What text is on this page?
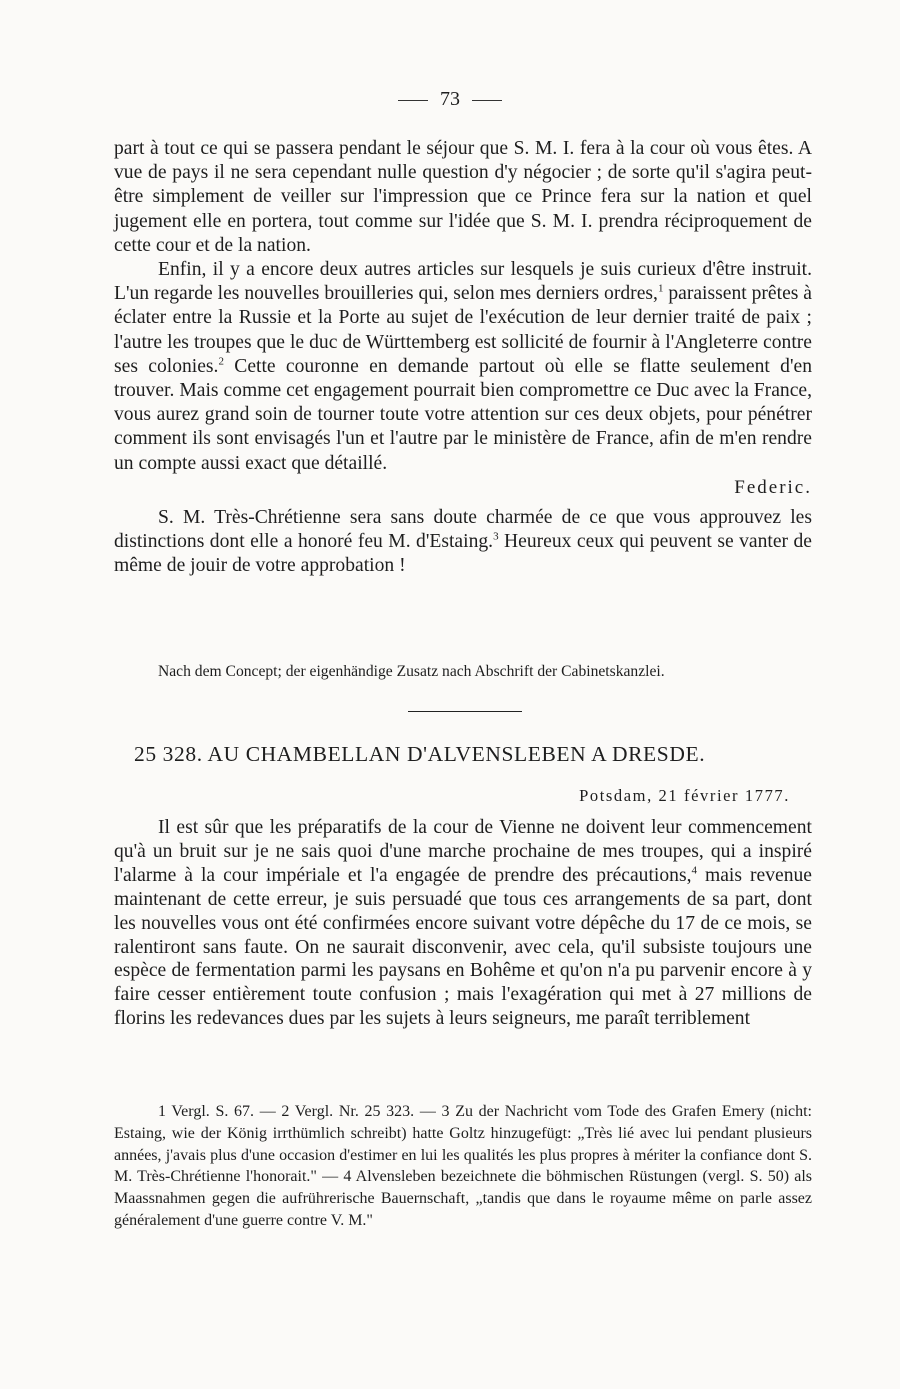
73

part à tout ce qui se passera pendant le séjour que S. M. I. fera à la cour où vous êtes. A vue de pays il ne sera cependant nulle question d'y négocier ; de sorte qu'il s'agira peut-être simplement de veiller sur l'impression que ce Prince fera sur la nation et quel jugement elle en portera, tout comme sur l'idée que S. M. I. prendra réciproquement de cette cour et de la nation.

Enfin, il y a encore deux autres articles sur lesquels je suis curieux d'être instruit. L'un regarde les nouvelles brouilleries qui, selon mes derniers ordres,$^1$ paraissent prêtes à éclater entre la Russie et la Porte au sujet de l'exécution de leur dernier traité de paix ; l'autre les troupes que le duc de Württemberg est sollicité de fournir à l'Angleterre contre ses colonies.$^2$ Cette couronne en demande partout où elle se flatte seulement d'en trouver. Mais comme cet engagement pourrait bien compromettre ce Duc avec la France, vous aurez grand soin de tourner toute votre attention sur ces deux objets, pour pénétrer comment ils sont envisagés l'un et l'autre par le ministère de France, afin de m'en rendre un compte aussi exact que détaillé.

Federic.

S. M. Très-Chrétienne sera sans doute charmée de ce que vous approuvez les distinctions dont elle a honoré feu M. d'Estaing.$^3$ Heureux ceux qui peuvent se vanter de même de jouir de votre approbation !

Nach dem Concept; der eigenhändige Zusatz nach Abschrift der Cabinetskanzlei.
25 328. AU CHAMBELLAN D'ALVENSLEBEN A DRESDE.
Potsdam, 21 février 1777.

Il est sûr que les préparatifs de la cour de Vienne ne doivent leur commencement qu'à un bruit sur je ne sais quoi d'une marche prochaine de mes troupes, qui a inspiré l'alarme à la cour impériale et l'a engagée de prendre des précautions,$^4$ mais revenue maintenant de cette erreur, je suis persuadé que tous ces arrangements de sa part, dont les nouvelles vous ont été confirmées encore suivant votre dépêche du 17 de ce mois, se ralentiront sans faute. On ne saurait disconvenir, avec cela, qu'il subsiste toujours une espèce de fermentation parmi les paysans en Bohême et qu'on n'a pu parvenir encore à y faire cesser entièrement toute confusion ; mais l'exagération qui met à 27 millions de florins les redevances dues par les sujets à leurs seigneurs, me paraît terriblement

1 Vergl. S. 67. — 2 Vergl. Nr. 25 323. — 3 Zu der Nachricht vom Tode des Grafen Emery (nicht: Estaing, wie der König irrthümlich schreibt) hatte Goltz hinzugefügt: „Très lié avec lui pendant plusieurs années, j'avais plus d'une occasion d'estimer en lui les qualités les plus propres à mériter la confiance dont S. M. Très-Chrétienne l'honorait." — 4 Alvensleben bezeichnete die böhmischen Rüstungen (vergl. S. 50) als Maassnahmen gegen die aufrührerische Bauernschaft, „tandis que dans le royaume même on parle assez généralement d'une guerre contre V. M."
